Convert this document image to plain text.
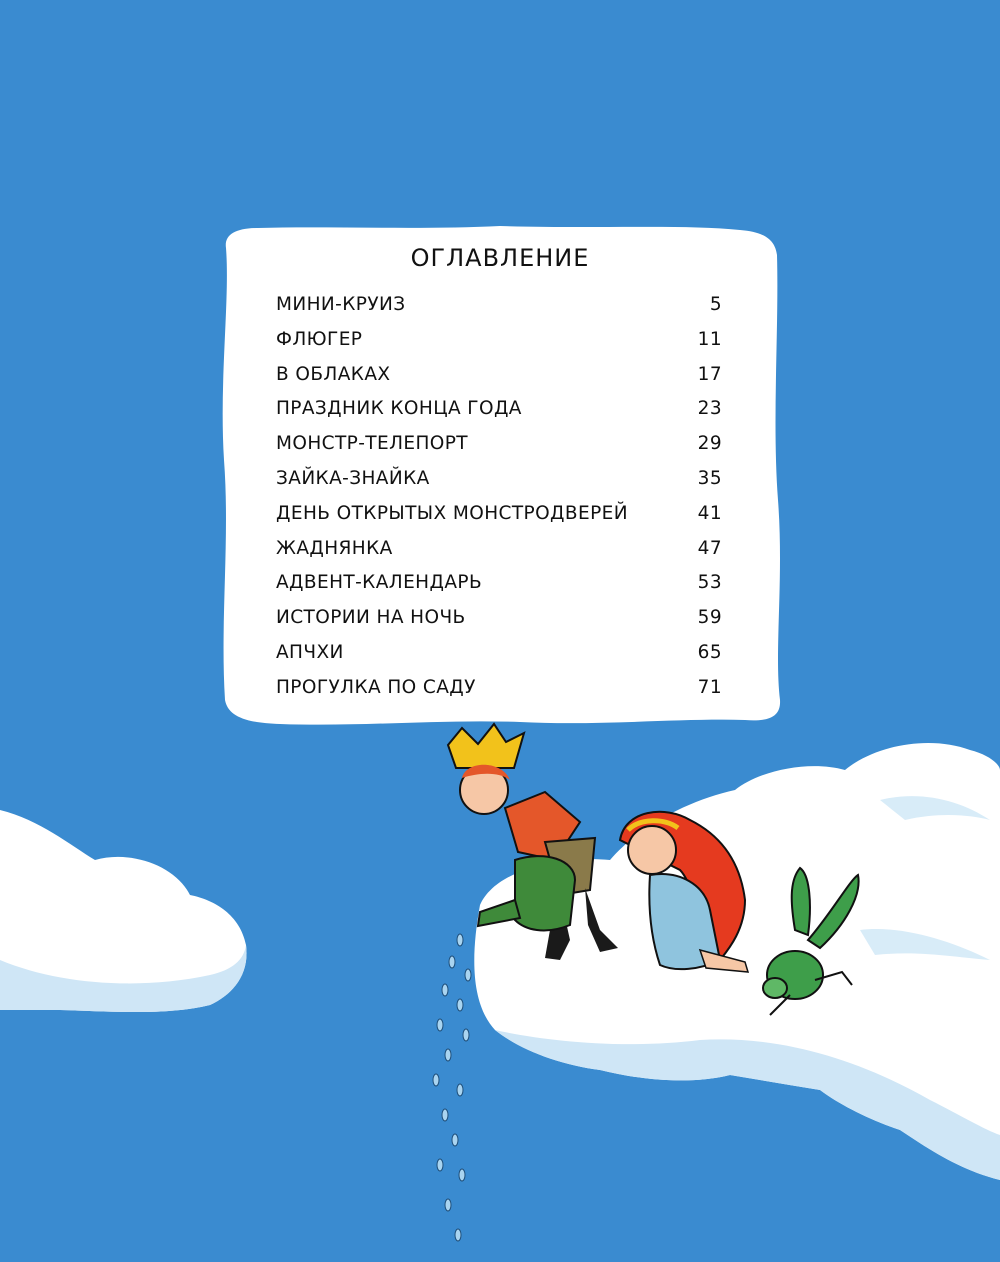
ОГЛАВЛЕНИЕ
МИНИ-КРУИЗ	5
ФЛЮГЕР	11
В ОБЛАКАХ	17
ПРАЗДНИК КОНЦА ГОДА	23
МОНСТР-ТЕЛЕПОРТ	29
ЗАЙКА-ЗНАЙКА	35
ДЕНЬ ОТКРЫТЫХ МОНСТРОДВЕРЕЙ	41
ЖАДНЯНКА	47
АДВЕНТ-КАЛЕНДАРЬ	53
ИСТОРИИ НА НОЧЬ	59
АПЧХИ	65
ПРОГУЛКА ПО САДУ	71
